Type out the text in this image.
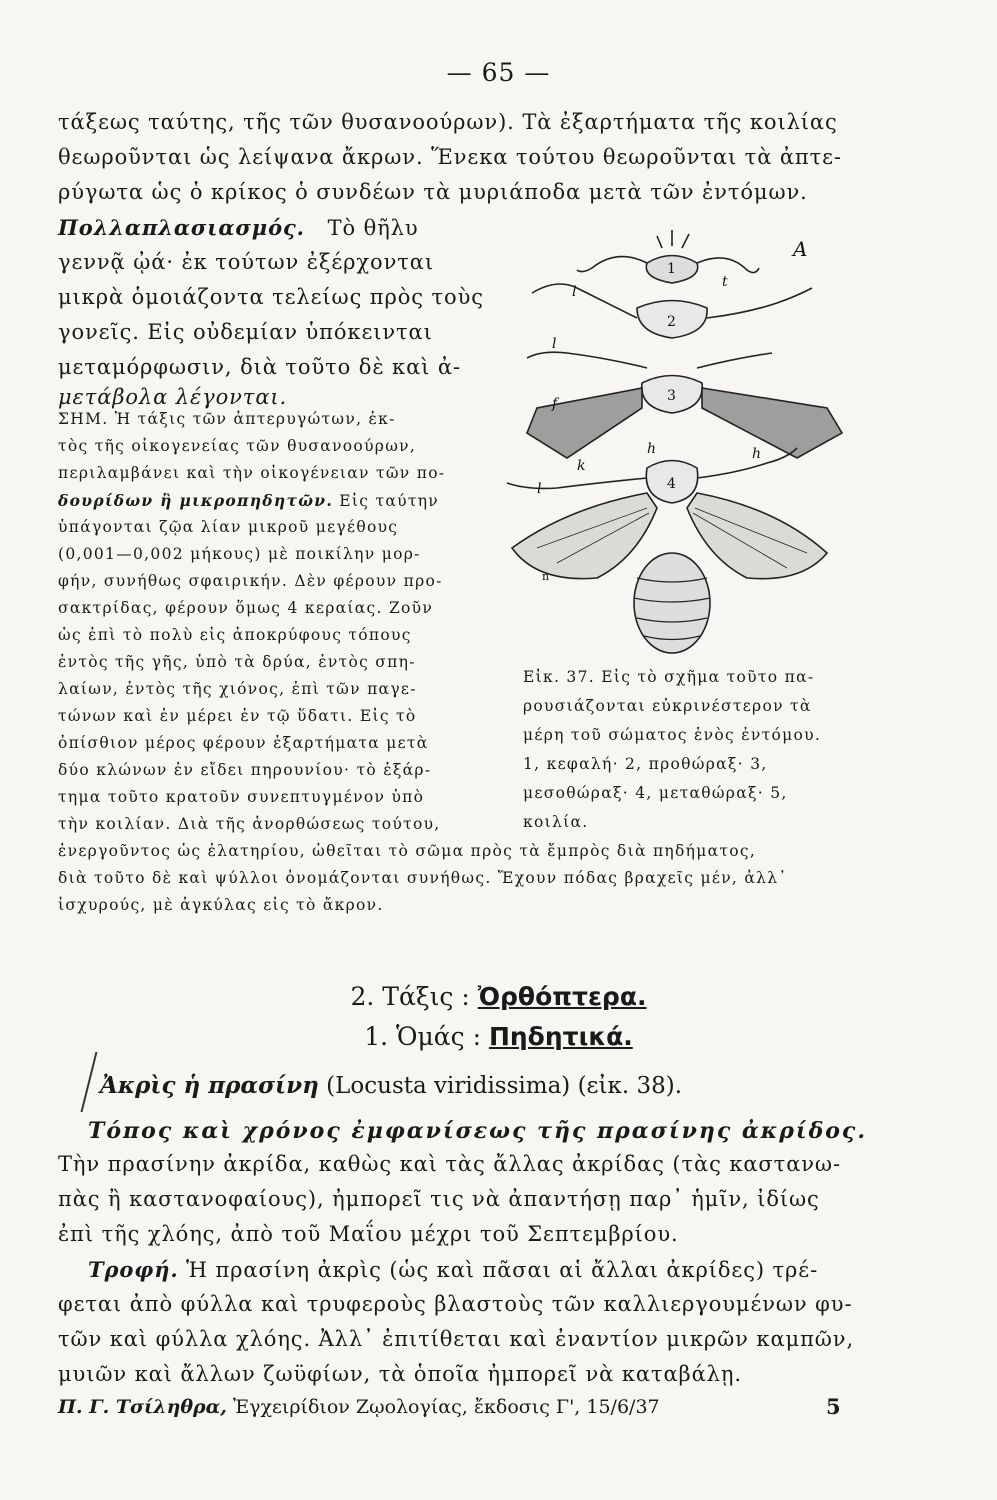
— 65 —
τάξεως ταύτης, τῆς τῶν θυσανοούρων). Τὰ ἐξαρτήματα τῆς κοιλίας
θεωροῦνται ὡς λείψανα ἄκρων. Ἕνεκα τούτου θεωροῦνται τὰ ἀπτε-
ρύγωτα ὡς ὁ κρίκος ὁ συνδέων τὰ μυριάποδα μετὰ τῶν ἐντόμων.
Πολλαπλασιασμός. Τὸ θῆλυ
γεννᾷ ᾠά· ἐκ τούτων ἐξέρχονται
μικρὰ ὁμοιάζοντα τελείως πρὸς τοὺς
γονεῖς. Εἰς οὐδεμίαν ὑπόκεινται
μεταμόρφωσιν, διὰ τοῦτο δὲ καὶ ἀ-
μετάβολα λέγονται.
ΣΗΜ. Ἡ τάξις τῶν ἀπτερυγώτων, ἐκ-
τὸς τῆς οἰκογενείας τῶν θυσανοούρων,
περιλαμβάνει καὶ τὴν οἰκογένειαν τῶν πο-
δουρίδων ἢ μικροπηδητῶν. Εἰς ταύτην
ὑπάγονται ζῷα λίαν μικροῦ μεγέθους
(0,001—0,002 μήκους) μὲ ποικίλην μορ-
φήν, συνήθως σφαιρικήν. Δὲν φέρουν προ-
σακτρίδας, φέρουν ὅμως 4 κεραίας. Ζοῦν
ὡς ἐπὶ τὸ πολὺ εἰς ἀποκρύφους τόπους
ἐντὸς τῆς γῆς, ὑπὸ τὰ δρύα, ἐντὸς σπη-
λαίων, ἐντὸς τῆς χιόνος, ἐπὶ τῶν παγε-
τώνων καὶ ἐν μέρει ἐν τῷ ὕδατι. Εἰς τὸ
ὀπίσθιον μέρος φέρουν ἐξαρτήματα μετὰ
δύο κλώνων ἐν εἴδει πηρουνίου· τὸ ἐξάρ-
τημα τοῦτο κρατοῦν συνεπτυγμένον ὑπὸ
τὴν κοιλίαν. Διὰ τῆς ἀνορθώσεως τούτου,
ἐνεργοῦντος ὡς ἐλατηρίου, ὠθεῖται τὸ σῶμα πρὸς τὰ ἔμπρὸς διὰ πηδήματος,
διὰ τοῦτο δὲ καὶ ψύλλοι ὀνομάζονται συνήθως. Ἔχουν πόδας βραχεῖς μέν, ἀλλ᾽
ἰσχυρούς, μὲ ἀγκύλας εἰς τὸ ἄκρον.
A
1
2
3
4
l
l
f
h
l
k
h
n
t
Εἰκ. 37. Εἰς τὸ σχῆμα τοῦτο πα-
ρουσιάζονται εὐκρινέστερον τὰ
μέρη τοῦ σώματος ἑνὸς ἐντόμου.
1, κεφαλή· 2, προθώραξ· 3,
μεσοθώραξ· 4, μεταθώραξ· 5,
κοιλία.
2. Τάξις : Ὀρθόπτερα.
1. Ὁμάς : Πηδητικά.
Ἀκρὶς ἡ πρασίνη (Locusta viridissima) (εἰκ. 38).
Τόπος καὶ χρόνος ἐμφανίσεως τῆς πρασίνης ἀκρίδος.
Τὴν πρασίνην ἀκρίδα, καθὼς καὶ τὰς ἄλλας ἀκρίδας (τὰς καστανω-
πὰς ἢ καστανοφαίους), ἠμπορεῖ τις νὰ ἀπαντήσῃ παρ᾽ ἡμῖν, ἰδίως
ἐπὶ τῆς χλόης, ἀπὸ τοῦ Μαΐου μέχρι τοῦ Σεπτεμβρίου.
Τροφή. Ἡ πρασίνη ἀκρὶς (ὡς καὶ πᾶσαι αἱ ἄλλαι ἀκρίδες) τρέ-
φεται ἀπὸ φύλλα καὶ τρυφεροὺς βλαστοὺς τῶν καλλιεργουμένων φυ-
τῶν καὶ φύλλα χλόης. Ἀλλ᾽ ἐπιτίθεται καὶ ἐναντίον μικρῶν καμπῶν,
μυιῶν καὶ ἄλλων ζωϋφίων, τὰ ὁποῖα ἠμπορεῖ νὰ καταβάλῃ.
Π. Γ. Τσίληθρα, Ἐγχειρίδιον Ζῳολογίας, ἔκδοσις Γ', 15/6/37	5
